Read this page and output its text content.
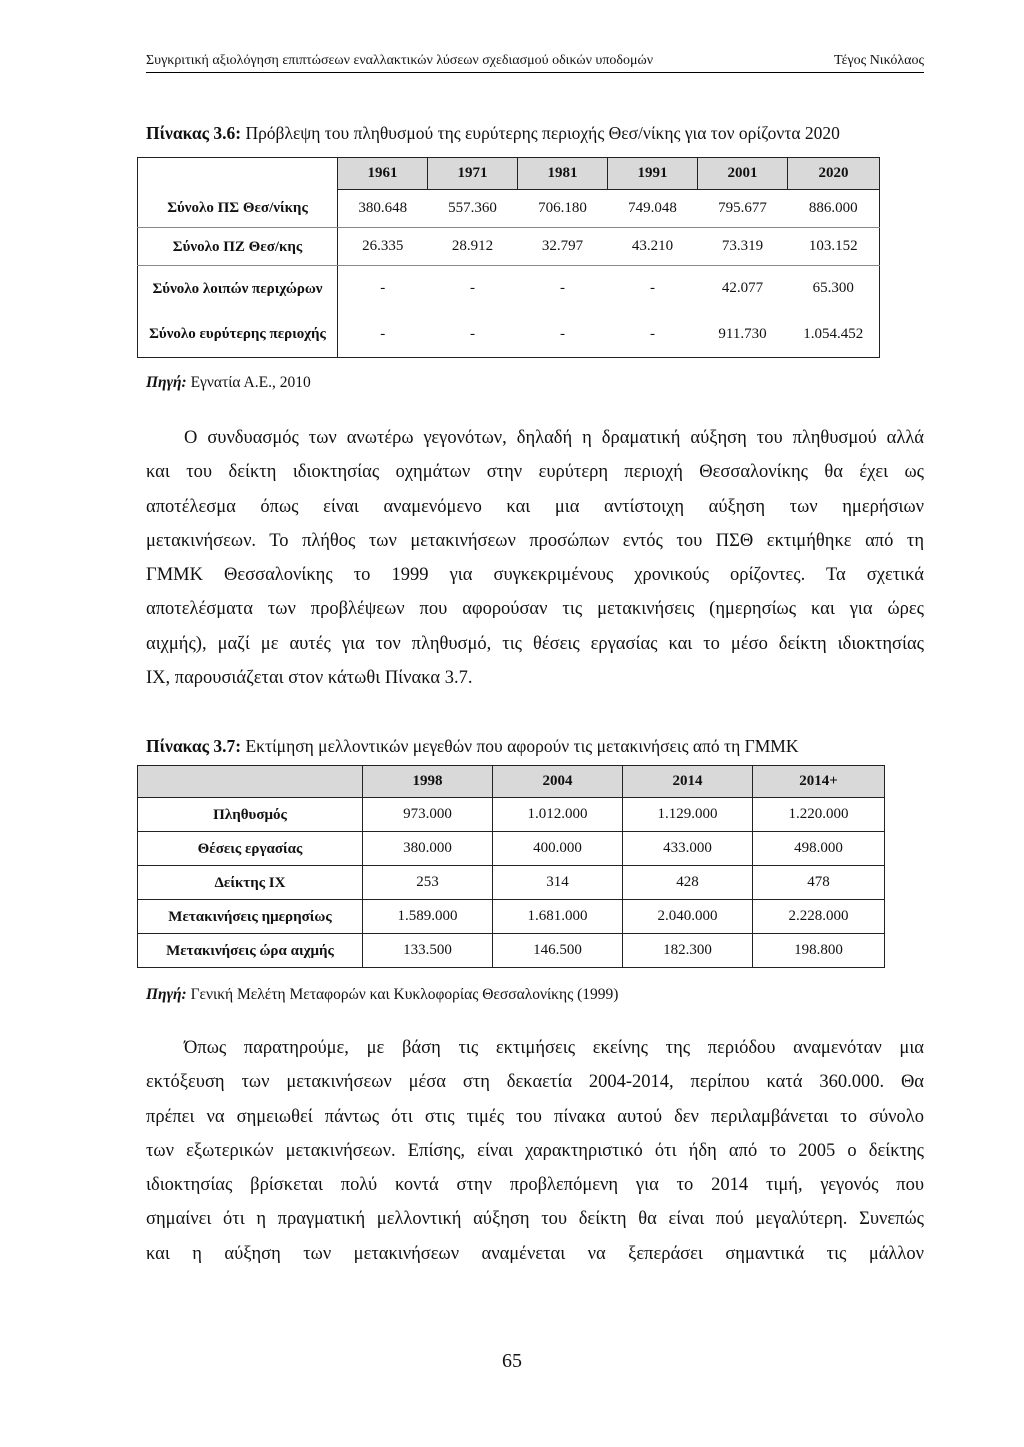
Συγκριτική αξιολόγηση επιπτώσεων εναλλακτικών λύσεων σχεδιασμού οδικών υποδομών	Τέγος Νικόλαος
Πίνακας 3.6: Πρόβλεψη του πληθυσμού της ευρύτερης περιοχής Θεσ/νίκης για τον ορίζοντα 2020
	1961	1971	1981	1991	2001	2020
Σύνολο ΠΣ Θεσ/νίκης	380.648	557.360	706.180	749.048	795.677	886.000
Σύνολο ΠΖ Θεσ/κης	26.335	28.912	32.797	43.210	73.319	103.152
Σύνολο λοιπών περιχώρων	-	-	-	-	42.077	65.300
Σύνολο ευρύτερης περιοχής	-	-	-	-	911.730	1.054.452
Πηγή: Εγνατία Α.Ε., 2010
Ο συνδυασμός των ανωτέρω γεγονότων, δηλαδή η δραματική αύξηση του πληθυσμού αλλά
και του δείκτη ιδιοκτησίας οχημάτων στην ευρύτερη περιοχή Θεσσαλονίκης θα έχει ως
αποτέλεσμα όπως είναι αναμενόμενο και μια αντίστοιχη αύξηση των ημερήσιων
μετακινήσεων. Το πλήθος των μετακινήσεων προσώπων εντός του ΠΣΘ εκτιμήθηκε από τη
ΓΜΜΚ Θεσσαλονίκης το 1999 για συγκεκριμένους χρονικούς ορίζοντες. Τα σχετικά
αποτελέσματα των προβλέψεων που αφορούσαν τις μετακινήσεις (ημερησίως και για ώρες
αιχμής), μαζί με αυτές για τον πληθυσμό, τις θέσεις εργασίας και το μέσο δείκτη ιδιοκτησίας
ΙΧ, παρουσιάζεται στον κάτωθι Πίνακα 3.7.
Πίνακας 3.7: Εκτίμηση μελλοντικών μεγεθών που αφορούν τις μετακινήσεις από τη ΓΜΜΚ
	1998	2004	2014	2014+
Πληθυσμός	973.000	1.012.000	1.129.000	1.220.000
Θέσεις εργασίας	380.000	400.000	433.000	498.000
Δείκτης ΙΧ	253	314	428	478
Μετακινήσεις ημερησίως	1.589.000	1.681.000	2.040.000	2.228.000
Μετακινήσεις ώρα αιχμής	133.500	146.500	182.300	198.800
Πηγή: Γενική Μελέτη Μεταφορών και Κυκλοφορίας Θεσσαλονίκης (1999)
Όπως παρατηρούμε, με βάση τις εκτιμήσεις εκείνης της περιόδου αναμενόταν μια
εκτόξευση των μετακινήσεων μέσα στη δεκαετία 2004-2014, περίπου κατά 360.000. Θα
πρέπει να σημειωθεί πάντως ότι στις τιμές του πίνακα αυτού δεν περιλαμβάνεται το σύνολο
των εξωτερικών μετακινήσεων. Επίσης, είναι χαρακτηριστικό ότι ήδη από το 2005 ο δείκτης
ιδιοκτησίας βρίσκεται πολύ κοντά στην προβλεπόμενη για το 2014 τιμή, γεγονός που
σημαίνει ότι η πραγματική μελλοντική αύξηση του δείκτη θα είναι πού μεγαλύτερη. Συνεπώς
και η αύξηση των μετακινήσεων αναμένεται να ξεπεράσει σημαντικά τις μάλλον
65
